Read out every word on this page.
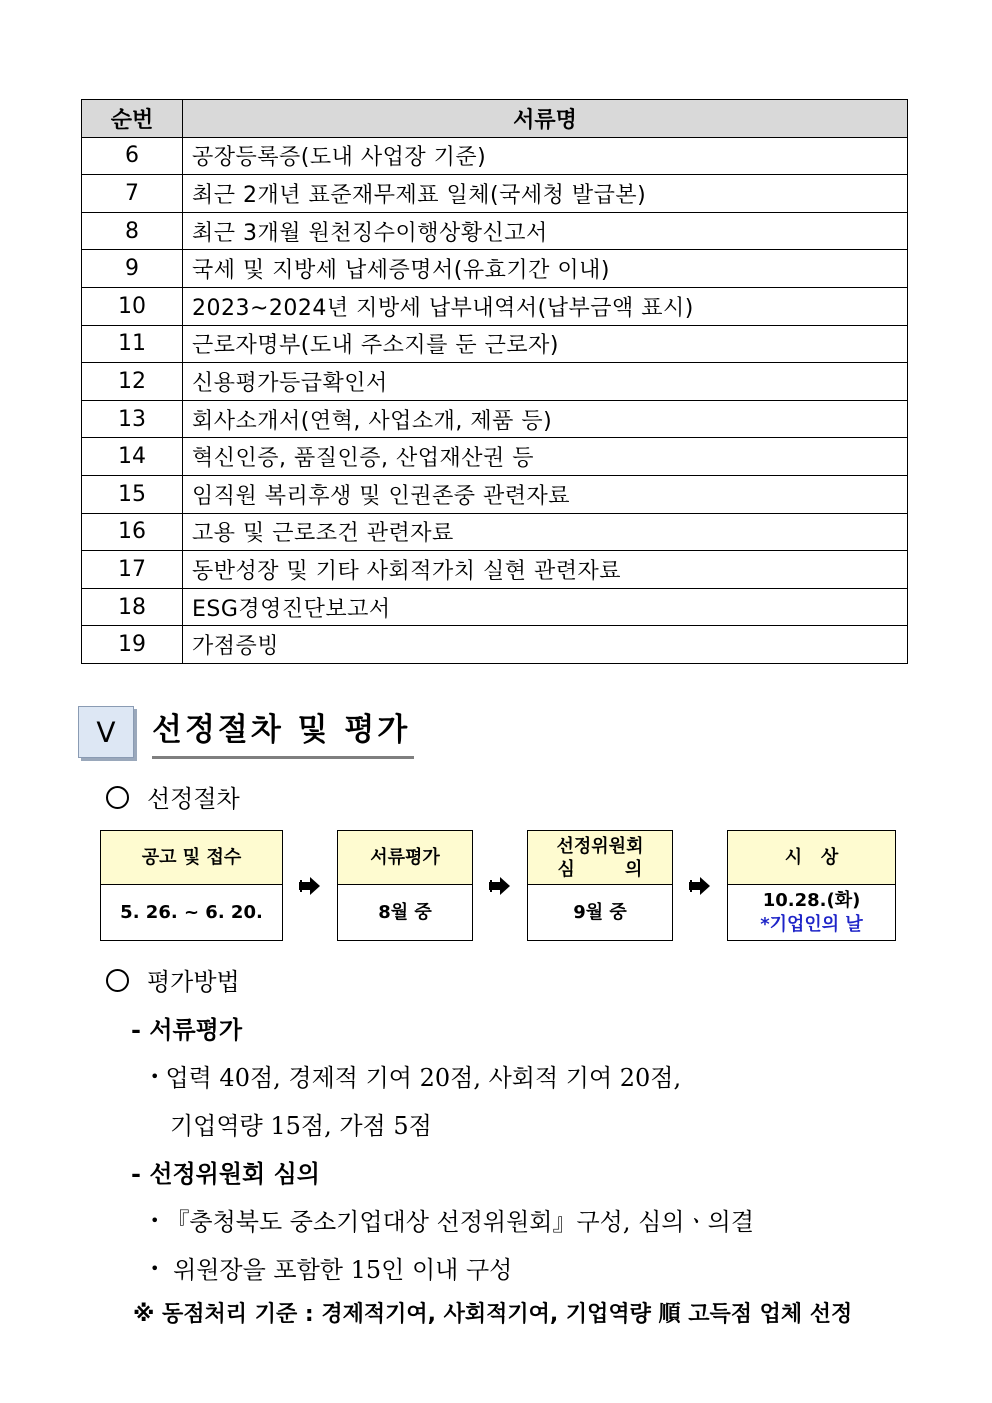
순번	서류명
6	공장등록증(도내 사업장 기준)
7	최근 2개년 표준재무제표 일체(국세청 발급본)
8	최근 3개월 원천징수이행상황신고서
9	국세 및 지방세 납세증명서(유효기간 이내)
10	2023~2024년 지방세 납부내역서(납부금액 표시)
11	근로자명부(도내 주소지를 둔 근로자)
12	신용평가등급확인서
13	회사소개서(연혁, 사업소개, 제품 등)
14	혁신인증, 품질인증, 산업재산권 등
15	임직원 복리후생 및 인권존중 관련자료
16	고용 및 근로조건 관련자료
17	동반성장 및 기타 사회적가치 실현 관련자료
18	ESG경영진단보고서
19	가점증빙
Ⅴ	선정절차 및 평가
선정절차
공고 및 접수
5. 26. ~ 6. 20.
서류평가
8월 중
선정위원회
심        의
9월 중
시   상
10.28.(화)
*기업인의 날
평가방법
- 서류평가
• 업력 40점, 경제적 기여 20점, 사회적 기여 20점,
기업역량 15점, 가점 5점
- 선정위원회 심의
• 『충청북도 중소기업대상 선정위원회』구성, 심의ㆍ의결
• 위원장을 포함한 15인 이내 구성
※ 동점처리 기준 : 경제적기여, 사회적기여, 기업역량 順 고득점 업체 선정
